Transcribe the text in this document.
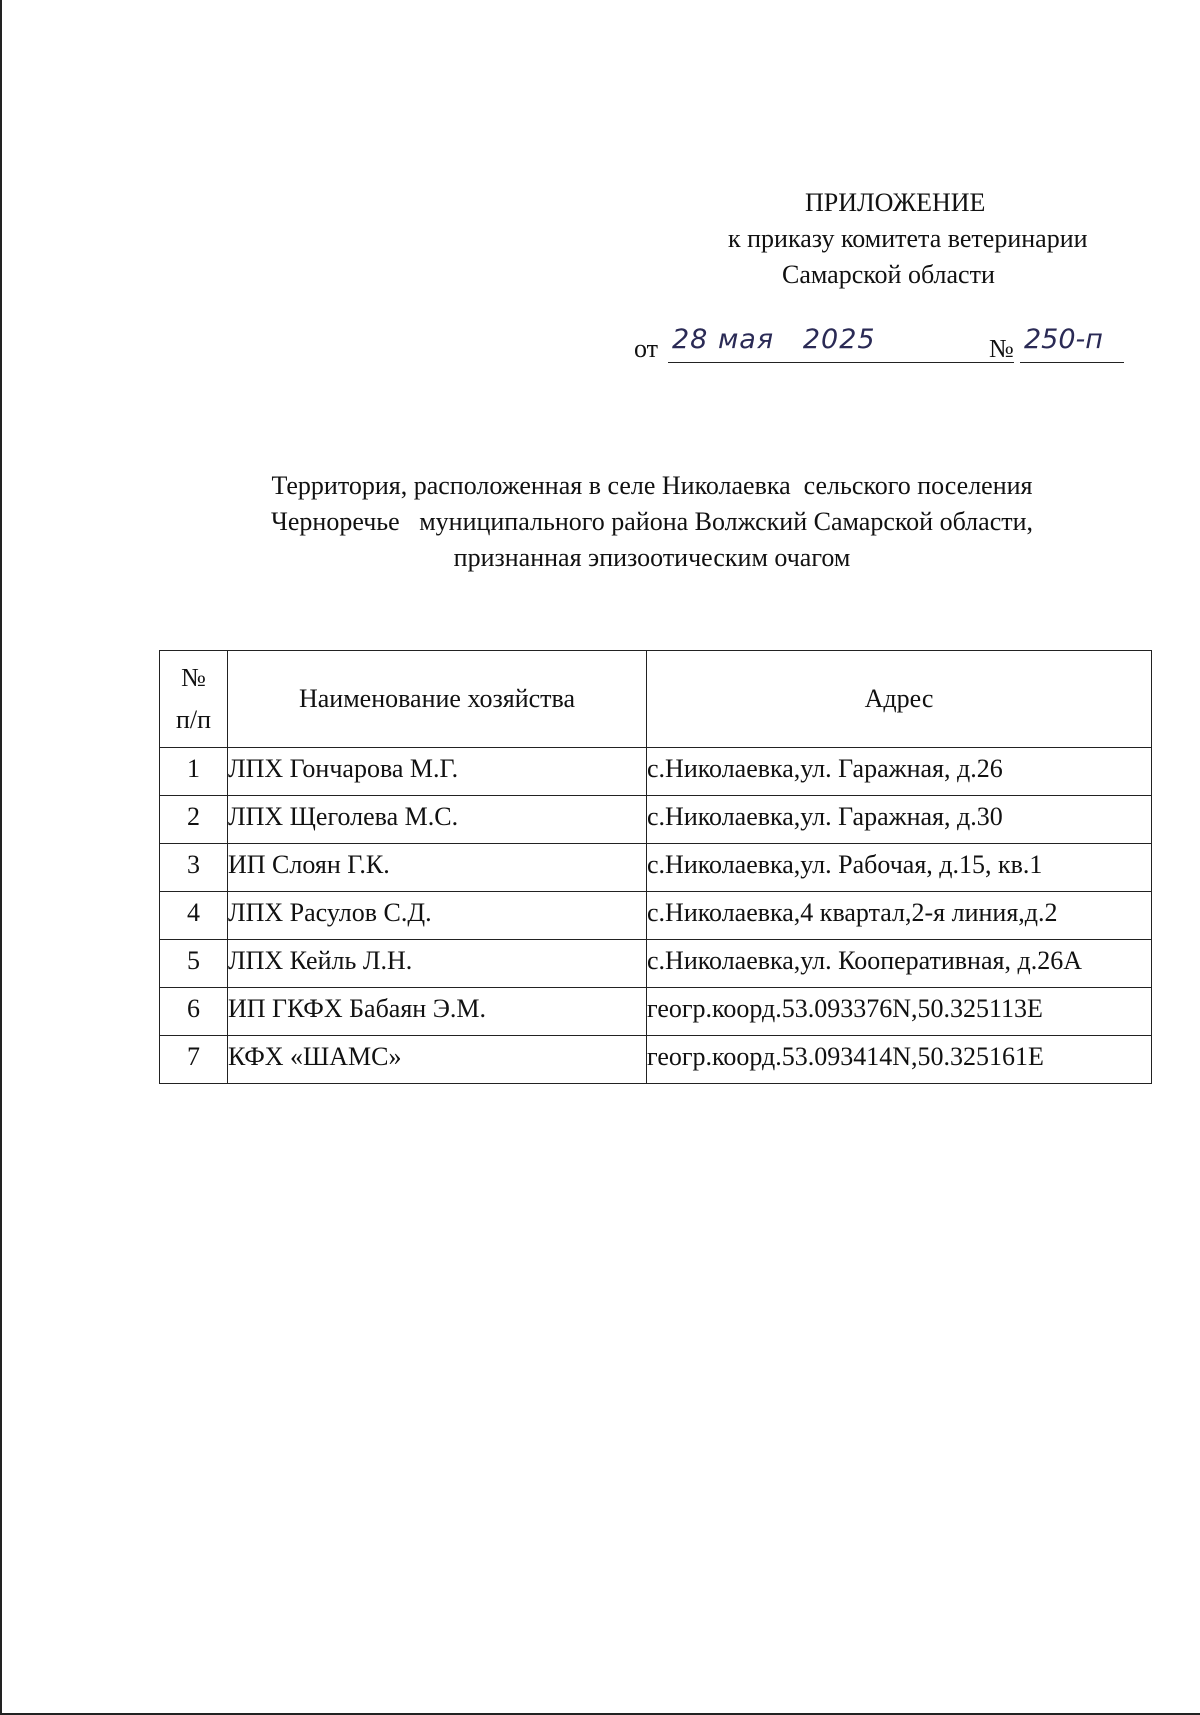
ПРИЛОЖЕНИЕ
к приказу комитета ветеринарии
Самарской области
от 28 мая   2025	№ 250-п
Территория, расположенная в селе Николаевка  сельского поселения
Черноречье   муниципального района Волжский Самарской области,
признанная эпизоотическим очагом
№
п/п	Наименование хозяйства	Адрес
1	ЛПХ Гончарова М.Г.	с.Николаевка,ул. Гаражная, д.26
2	ЛПХ Щеголева М.С.	с.Николаевка,ул. Гаражная, д.30
3	ИП Слоян Г.К.	с.Николаевка,ул. Рабочая, д.15, кв.1
4	ЛПХ Расулов С.Д.	с.Николаевка,4 квартал,2-я линия,д.2
5	ЛПХ Кейль Л.Н.	с.Николаевка,ул. Кооперативная, д.26А
6	ИП ГКФХ Бабаян Э.М.	геогр.коорд.53.093376N,50.325113E
7	КФХ «ШАМС»	геогр.коорд.53.093414N,50.325161E
